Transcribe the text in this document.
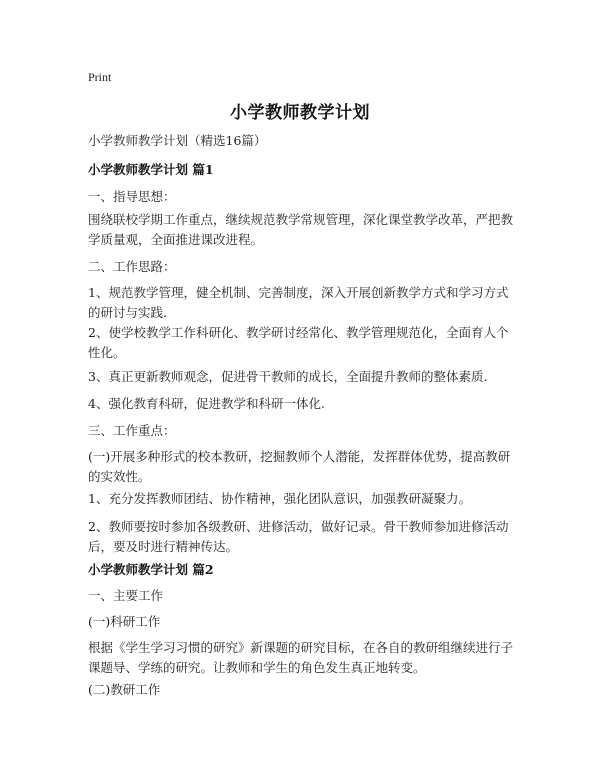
Print
小学教师教学计划
小学教师教学计划（精选16篇）
小学教师教学计划 篇1
一、指导思想：
围绕联校学期工作重点，继续规范教学常规管理，深化课堂教学改革，严把教学质量观，全面推进课改进程。
二、工作思路：
1、规范教学管理，健全机制、完善制度，深入开展创新教学方式和学习方式的研讨与实践.
2、使学校教学工作科研化、教学研讨经常化、教学管理规范化，全面育人个性化。
3、真正更新教师观念，促进骨干教师的成长，全面提升教师的整体素质.
4、强化教育科研，促进教学和科研一体化.
三、工作重点：
(一)开展多种形式的校本教研，挖掘教师个人潜能，发挥群体优势，提高教研的实效性。
1、充分发挥教师团结、协作精神，强化团队意识，加强教研凝聚力。
2、教师要按时参加各级教研、进修活动，做好记录。骨干教师参加进修活动后，要及时进行精神传达。
小学教师教学计划 篇2
一、主要工作
(一)科研工作
根据《学生学习习惯的研究》新课题的研究目标，在各自的教研组继续进行子课题导、学练的研究。让教师和学生的角色发生真正地转变。
(二)教研工作
